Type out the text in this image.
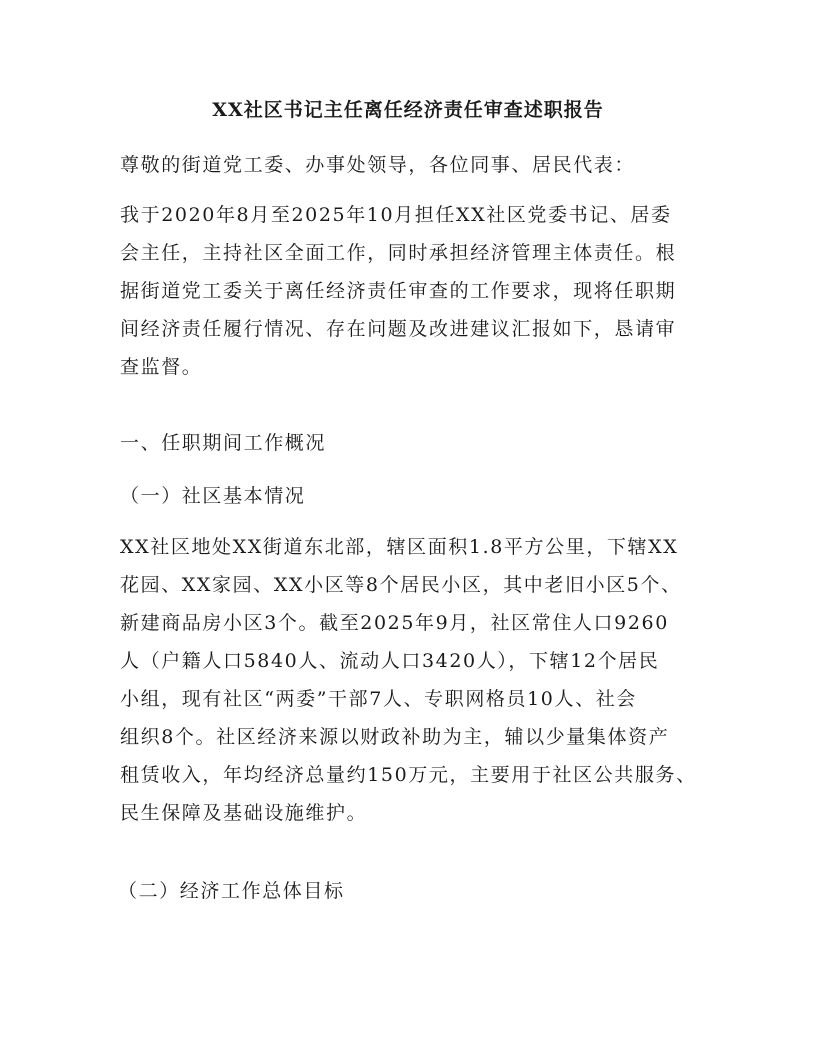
XX社区书记主任离任经济责任审查述职报告
尊敬的街道党工委、办事处领导，各位同事、居民代表：
我于2020年8月至2025年10月担任XX社区党委书记、居委
会主任，主持社区全面工作，同时承担经济管理主体责任。根
据街道党工委关于离任经济责任审查的工作要求，现将任职期
间经济责任履行情况、存在问题及改进建议汇报如下，恳请审
查监督。
一、任职期间工作概况
（一）社区基本情况
XX社区地处XX街道东北部，辖区面积1.8平方公里，下辖XX
花园、XX家园、XX小区等8个居民小区，其中老旧小区5个、
新建商品房小区3个。截至2025年9月，社区常住人口9260
人（户籍人口5840人、流动人口3420人），下辖12个居民
小组，现有社区“两委”干部7人、专职网格员10人、社会
组织8个。社区经济来源以财政补助为主，辅以少量集体资产
租赁收入，年均经济总量约150万元，主要用于社区公共服务、
民生保障及基础设施维护。
（二）经济工作总体目标
